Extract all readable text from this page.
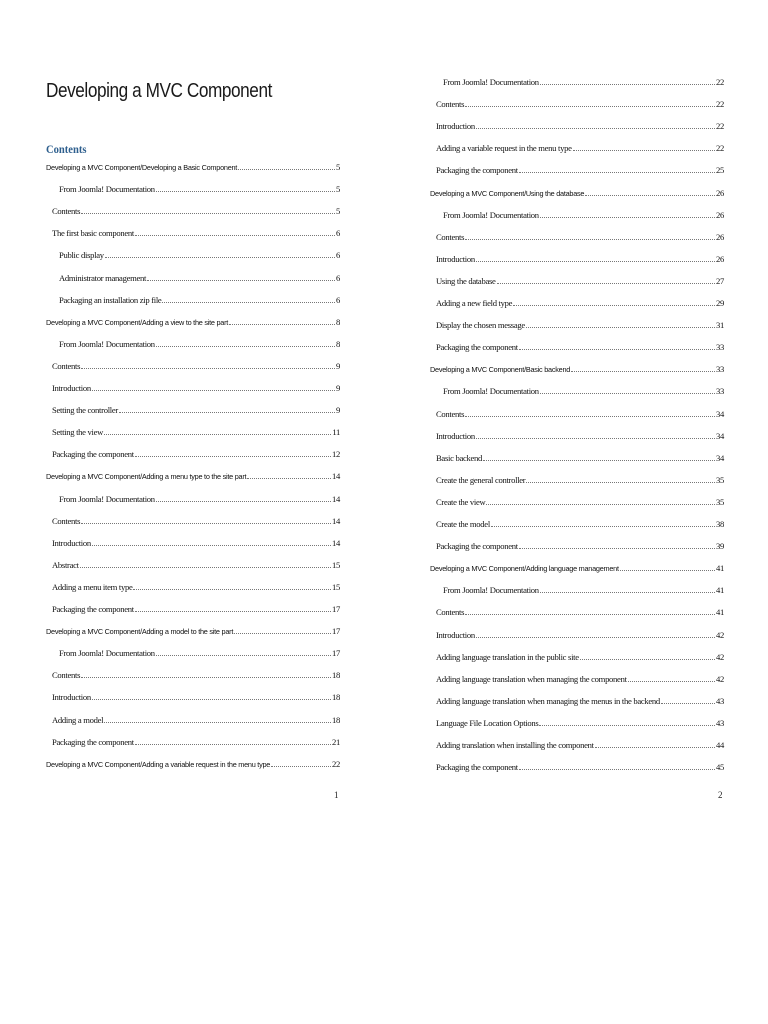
Developing a MVC Component
Contents
Developing a MVC Component/Developing a Basic Component	5
From Joomla! Documentation	5
Contents	5
The first basic component	6
Public display	6
Administrator management	6
Packaging an installation zip file	6
Developing a MVC Component/Adding a view to the site part	8
From Joomla! Documentation	8
Contents	9
Introduction	9
Setting the controller	9
Setting the view	11
Packaging the component	12
Developing a MVC Component/Adding a menu type to the site part	14
From Joomla! Documentation	14
Contents	14
Introduction	14
Abstract	15
Adding a menu item type	15
Packaging the component	17
Developing a MVC Component/Adding a model to the site part	17
From Joomla! Documentation	17
Contents	18
Introduction	18
Adding a model	18
Packaging the component	21
Developing a MVC Component/Adding a variable request in the menu type	22
1
From Joomla! Documentation	22
Contents	22
Introduction	22
Adding a variable request in the menu type	22
Packaging the component	25
Developing a MVC Component/Using the database	26
From Joomla! Documentation	26
Contents	26
Introduction	26
Using the database	27
Adding a new field type	29
Display the chosen message	31
Packaging the component	33
Developing a MVC Component/Basic backend	33
From Joomla! Documentation	33
Contents	34
Introduction	34
Basic backend	34
Create the general controller	35
Create the view	35
Create the model	38
Packaging the component	39
Developing a MVC Component/Adding language management	41
From Joomla! Documentation	41
Contents	41
Introduction	42
Adding language translation in the public site	42
Adding language translation when managing the component	42
Adding language translation when managing the menus in the backend	43
Language File Location Options	43
Adding translation when installing the component	44
Packaging the component	45
2
